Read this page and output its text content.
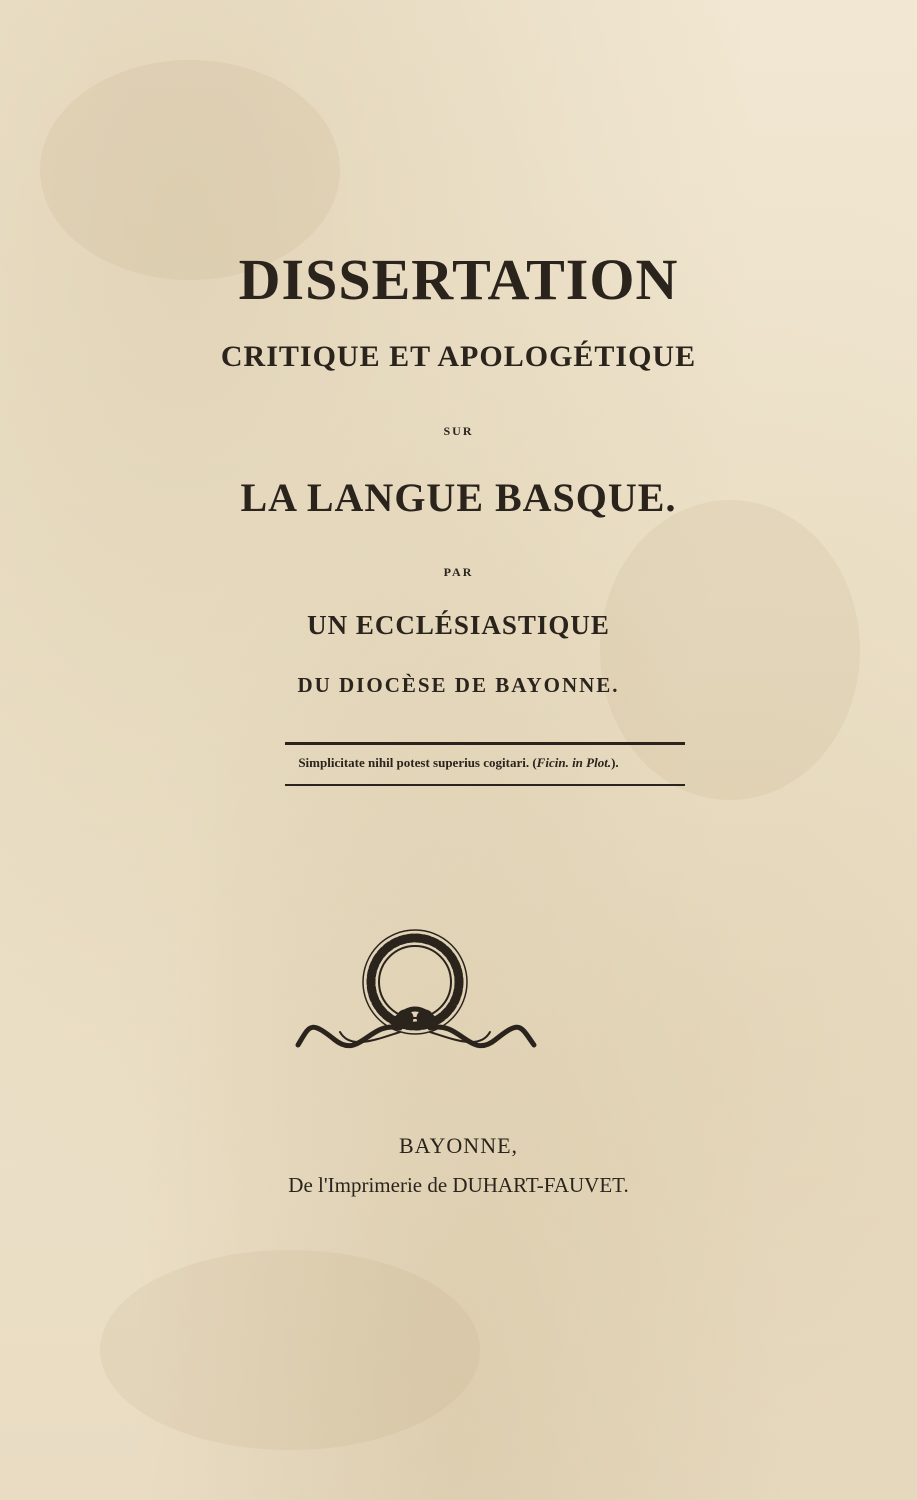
DISSERTATION
CRITIQUE ET APOLOGÉTIQUE
SUR
LA LANGUE BASQUE.
PAR
UN ECCLÉSIASTIQUE
DU DIOCÈSE DE BAYONNE.
Simplicitate nihil potest superius cogitari. (Ficin. in Plot.).
BAYONNE,
De l'Imprimerie de DUHART-FAUVET.
